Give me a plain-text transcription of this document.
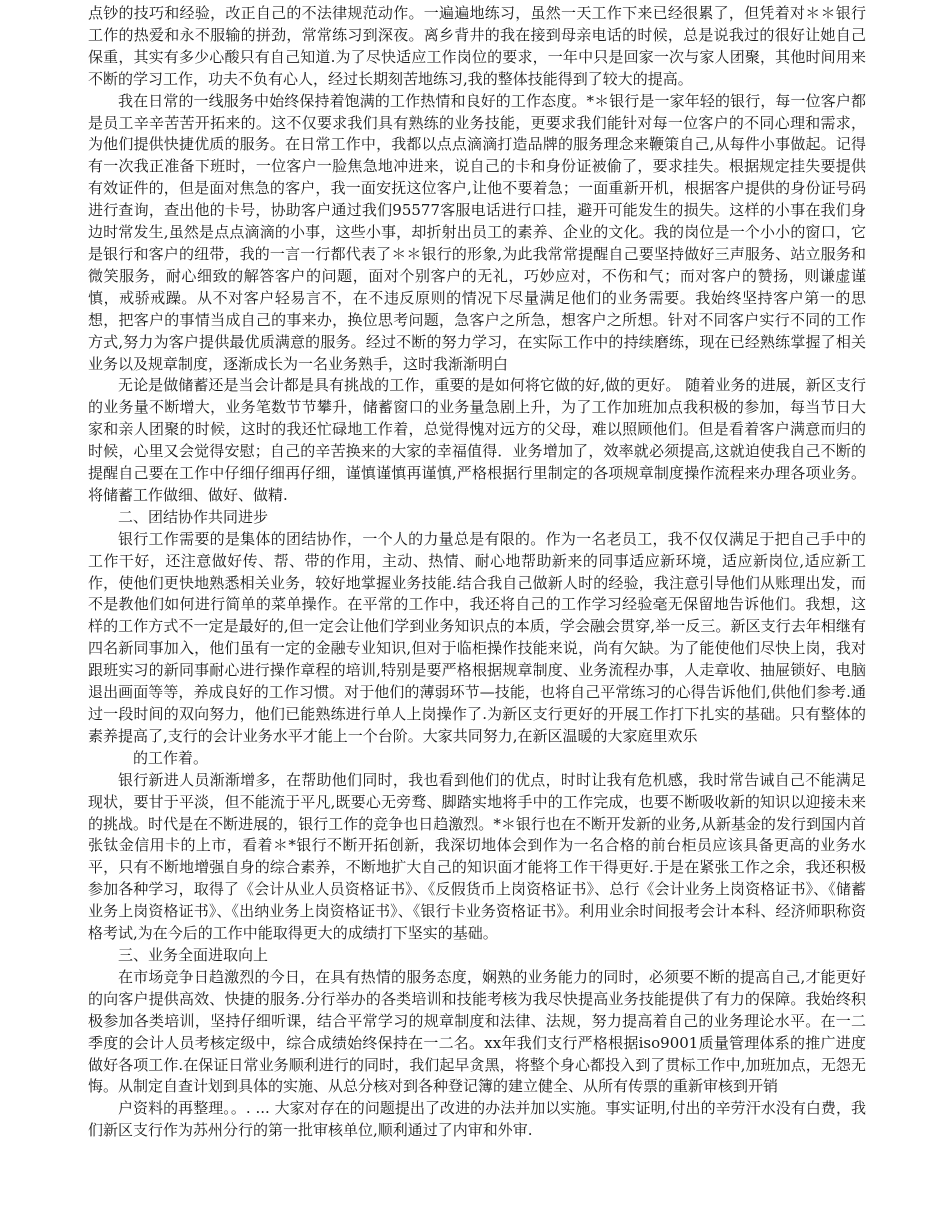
点钞的技巧和经验，改正自己的不法律规范动作。一遍遍地练习，虽然一天工作下来已经很累了，但凭着对＊＊银行工作的热爱和永不服输的拼劲，常常练习到深夜。离乡背井的我在接到母亲电话的时候，总是说我过的很好让她自己保重，其实有多少心酸只有自己知道.为了尽快适应工作岗位的要求，一年中只是回家一次与家人团聚，其他时间用来不断的学习工作，功夫不负有心人，经过长期刻苦地练习,我的整体技能得到了较大的提高。

我在日常的一线服务中始终保持着饱满的工作热情和良好的工作态度。*＊银行是一家年轻的银行，每一位客户都是员工辛辛苦苦开拓来的。这不仅要求我们具有熟练的业务技能，更要求我们能针对每一位客户的不同心理和需求，为他们提供快捷优质的服务。在日常工作中，我都以点点滴滴打造品牌的服务理念来鞭策自己,从每件小事做起。记得有一次我正准备下班时，一位客户一脸焦急地冲进来，说自己的卡和身份证被偷了，要求挂失。根据规定挂失要提供有效证件的，但是面对焦急的客户，我一面安抚这位客户,让他不要着急；一面重新开机，根据客户提供的身份证号码进行查询，查出他的卡号，协助客户通过我们95577客服电话进行口挂，避开可能发生的损失。这样的小事在我们身边时常发生,虽然是点点滴滴的小事，这些小事，却折射出员工的素养、企业的文化。我的岗位是一个小小的窗口，它是银行和客户的纽带，我的一言一行都代表了＊＊银行的形象,为此我常常提醒自己要坚持做好三声服务、站立服务和微笑服务，耐心细致的解答客户的问题，面对个别客户的无礼，巧妙应对，不伤和气；而对客户的赞扬，则谦虚谨慎，戒骄戒躁。从不对客户轻易言不，在不违反原则的情况下尽量满足他们的业务需要。我始终坚持客户第一的思想，把客户的事情当成自己的事来办，换位思考问题，急客户之所急，想客户之所想。针对不同客户实行不同的工作方式,努力为客户提供最优质满意的服务。经过不断的努力学习，在实际工作中的持续磨练，现在已经熟练掌握了相关业务以及规章制度，逐渐成长为一名业务熟手，这时我渐渐明白

无论是做储蓄还是当会计都是具有挑战的工作，重要的是如何将它做的好,做的更好。 随着业务的进展，新区支行的业务量不断增大，业务笔数节节攀升，储蓄窗口的业务量急剧上升，为了工作加班加点我积极的参加，每当节日大家和亲人团聚的时候，这时的我还忙碌地工作着，总觉得愧对远方的父母，难以照顾他们。但是看着客户满意而归的时候，心里又会觉得安慰；自己的辛苦换来的大家的幸福值得．业务增加了，效率就必须提高,这就迫使我自己不断的提醒自己要在工作中仔细仔细再仔细，谨慎谨慎再谨慎,严格根据行里制定的各项规章制度操作流程来办理各项业务。将储蓄工作做细、做好、做精.

二、团结协作共同进步

银行工作需要的是集体的团结协作，一个人的力量总是有限的。作为一名老员工，我不仅仅满足于把自己手中的工作干好，还注意做好传、帮、带的作用，主动、热情、耐心地帮助新来的同事适应新环境，适应新岗位,适应新工作，使他们更快地熟悉相关业务，较好地掌握业务技能.结合我自己做新人时的经验，我注意引导他们从账理出发，而不是教他们如何进行简单的菜单操作。在平常的工作中，我还将自己的工作学习经验毫无保留地告诉他们。我想，这样的工作方式不一定是最好的,但一定会让他们学到业务知识点的本质，学会融会贯穿,举一反三。新区支行去年相继有四名新同事加入，他们虽有一定的金融专业知识,但对于临柜操作技能来说，尚有欠缺。为了能使他们尽快上岗，我对跟班实习的新同事耐心进行操作章程的培训,特别是要严格根据规章制度、业务流程办事，人走章收、抽屉锁好、电脑退出画面等等，养成良好的工作习惯。对于他们的薄弱环节—技能，也将自己平常练习的心得告诉他们,供他们参考.通过一段时间的双向努力，他们已能熟练进行单人上岗操作了.为新区支行更好的开展工作打下扎实的基础。只有整体的素养提高了,支行的会计业务水平才能上一个台阶。大家共同努力,在新区温暖的大家庭里欢乐

的工作着。

银行新进人员渐渐增多，在帮助他们同时，我也看到他们的优点，时时让我有危机感，我时常告诫自己不能满足现状，要甘于平淡，但不能流于平凡,既要心无旁骛、脚踏实地将手中的工作完成，也要不断吸收新的知识以迎接未来的挑战。时代是在不断进展的，银行工作的竞争也日趋激烈。*＊银行也在不断开发新的业务,从新基金的发行到国内首张钛金信用卡的上市，看着＊*银行不断开拓创新，我深切地体会到作为一名合格的前台柜员应该具备更高的业务水平，只有不断地增强自身的综合素养，不断地扩大自己的知识面才能将工作干得更好.于是在紧张工作之余，我还积极参加各种学习，取得了《会计从业人员资格证书》、《反假货币上岗资格证书》、总行《会计业务上岗资格证书》、《储蓄业务上岗资格证书》、《出纳业务上岗资格证书》、《银行卡业务资格证书》。利用业余时间报考会计本科、经济师职称资格考试,为在今后的工作中能取得更大的成绩打下坚实的基础。

三、业务全面进取向上

在市场竞争日趋激烈的今日，在具有热情的服务态度，娴熟的业务能力的同时，必须要不断的提高自己,才能更好的向客户提供高效、快捷的服务.分行举办的各类培训和技能考核为我尽快提高业务技能提供了有力的保障。我始终积极参加各类培训，坚持仔细听课，结合平常学习的规章制度和法律、法规，努力提高着自己的业务理论水平。在一二季度的会计人员考核定级中，综合成绩始终保持在一二名。xx年我们支行严格根据iso9001质量管理体系的推广进度做好各项工作.在保证日常业务顺利进行的同时，我们起早贪黑，将整个身心都投入到了贯标工作中,加班加点，无怨无悔。从制定自查计划到具体的实施、从总分核对到各种登记簿的建立健全、从所有传票的重新审核到开销

户资料的再整理。。. ... 大家对存在的问题提出了改进的办法并加以实施。事实证明,付出的辛劳汗水没有白费，我们新区支行作为苏州分行的第一批审核单位,顺利通过了内审和外审.
